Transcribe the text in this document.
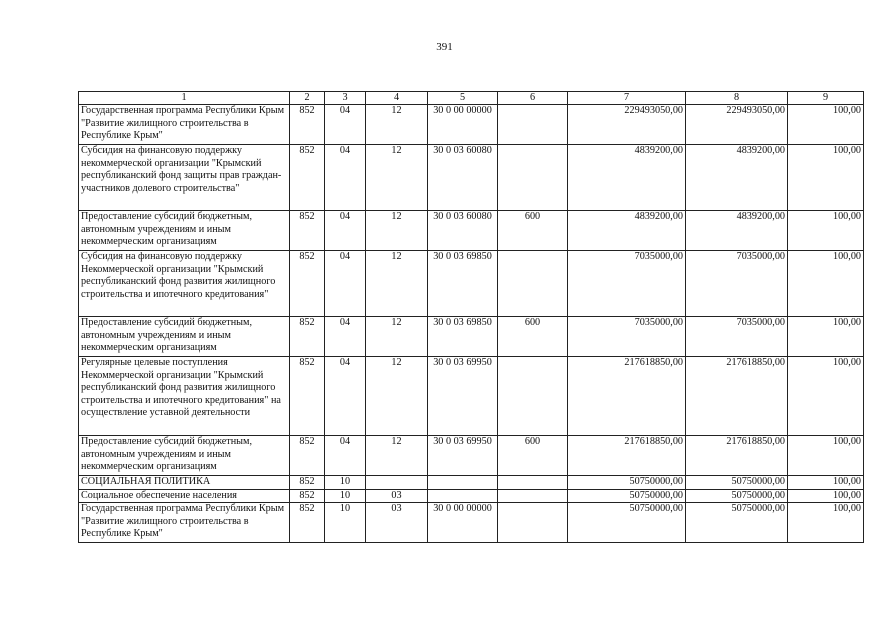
391
1	2	3	4	5	6	7	8	9
Государственная программа Республики Крым "Развитие жилищного строительства в Республике Крым"	852	04	12	30 0 00 00000		229493050,00	229493050,00	100,00
Субсидия на финансовую поддержку некоммерческой организации "Крымский республиканский фонд защиты прав граждан-участников долевого строительства"	852	04	12	30 0 03 60080		4839200,00	4839200,00	100,00
Предоставление субсидий бюджетным, автономным учреждениям и иным некоммерческим организациям	852	04	12	30 0 03 60080	600	4839200,00	4839200,00	100,00
Субсидия на финансовую поддержку Некоммерческой организации "Крымский республиканский фонд развития жилищного строительства и ипотечного кредитования"	852	04	12	30 0 03 69850		7035000,00	7035000,00	100,00
Предоставление субсидий бюджетным, автономным учреждениям и иным некоммерческим организациям	852	04	12	30 0 03 69850	600	7035000,00	7035000,00	100,00
Регулярные целевые поступления Некоммерческой организации "Крымский республиканский фонд развития жилищного строительства и ипотечного кредитования" на осуществление уставной деятельности	852	04	12	30 0 03 69950		217618850,00	217618850,00	100,00
Предоставление субсидий бюджетным, автономным учреждениям и иным некоммерческим организациям	852	04	12	30 0 03 69950	600	217618850,00	217618850,00	100,00
СОЦИАЛЬНАЯ ПОЛИТИКА	852	10				50750000,00	50750000,00	100,00
Социальное обеспечение населения	852	10	03			50750000,00	50750000,00	100,00
Государственная программа Республики Крым "Развитие жилищного строительства в Республике Крым"	852	10	03	30 0 00 00000		50750000,00	50750000,00	100,00
